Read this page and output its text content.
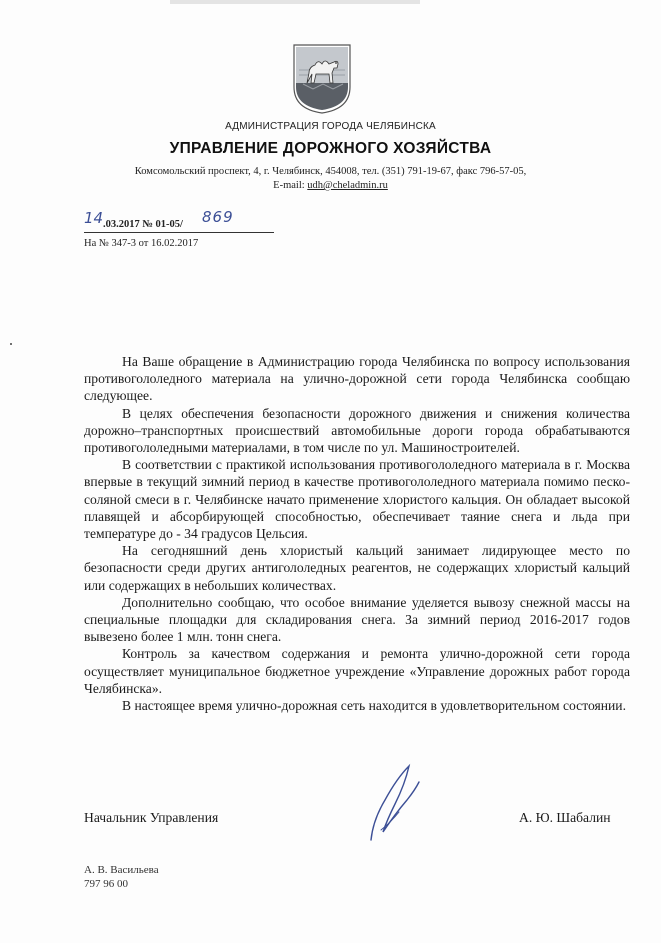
АДМИНИСТРАЦИЯ ГОРОДА ЧЕЛЯБИНСКА
УПРАВЛЕНИЕ ДОРОЖНОГО ХОЗЯЙСТВА
Комсомольский проспект, 4, г. Челябинск, 454008, тел. (351) 791-19-67, факс 796-57-05,
E-mail: udh@cheladmin.ru
14 .03.2017 № 01-05/ 869
На № 347-3 от 16.02.2017

На Ваше обращение в Администрацию города Челябинска по вопросу использования противогололедного материала на улично-дорожной сети города Челябинска сообщаю следующее.

В целях обеспечения безопасности дорожного движения и снижения количества дорожно–транспортных происшествий автомобильные дороги города обрабатываются противогололедными материалами, в том числе по ул. Машиностроителей.

В соответствии с практикой использования противогололедного материала в г. Москва впервые в текущий зимний период в качестве противогололедного материала помимо песко-соляной смеси в г. Челябинске начато применение хлористого кальция. Он обладает высокой плавящей и абсорбирующей способностью, обеспечивает таяние снега и льда при температуре до - 34 градусов Цельсия.

На сегодняшний день хлористый кальций занимает лидирующее место по безопасности среди других антигололедных реагентов, не содержащих хлористый кальций или содержащих в небольших количествах.

Дополнительно сообщаю, что особое внимание уделяется вывозу снежной массы на специальные площадки для складирования снега. За зимний период 2016-2017 годов вывезено более 1 млн. тонн снега.

Контроль за качеством содержания и ремонта улично-дорожной сети города осуществляет муниципальное бюджетное учреждение «Управление дорожных работ города Челябинска».

В настоящее время улично-дорожная сеть находится в удовлетворительном состоянии.

Начальник Управления	А. Ю. Шабалин
А. В. Васильева
797 96 00
